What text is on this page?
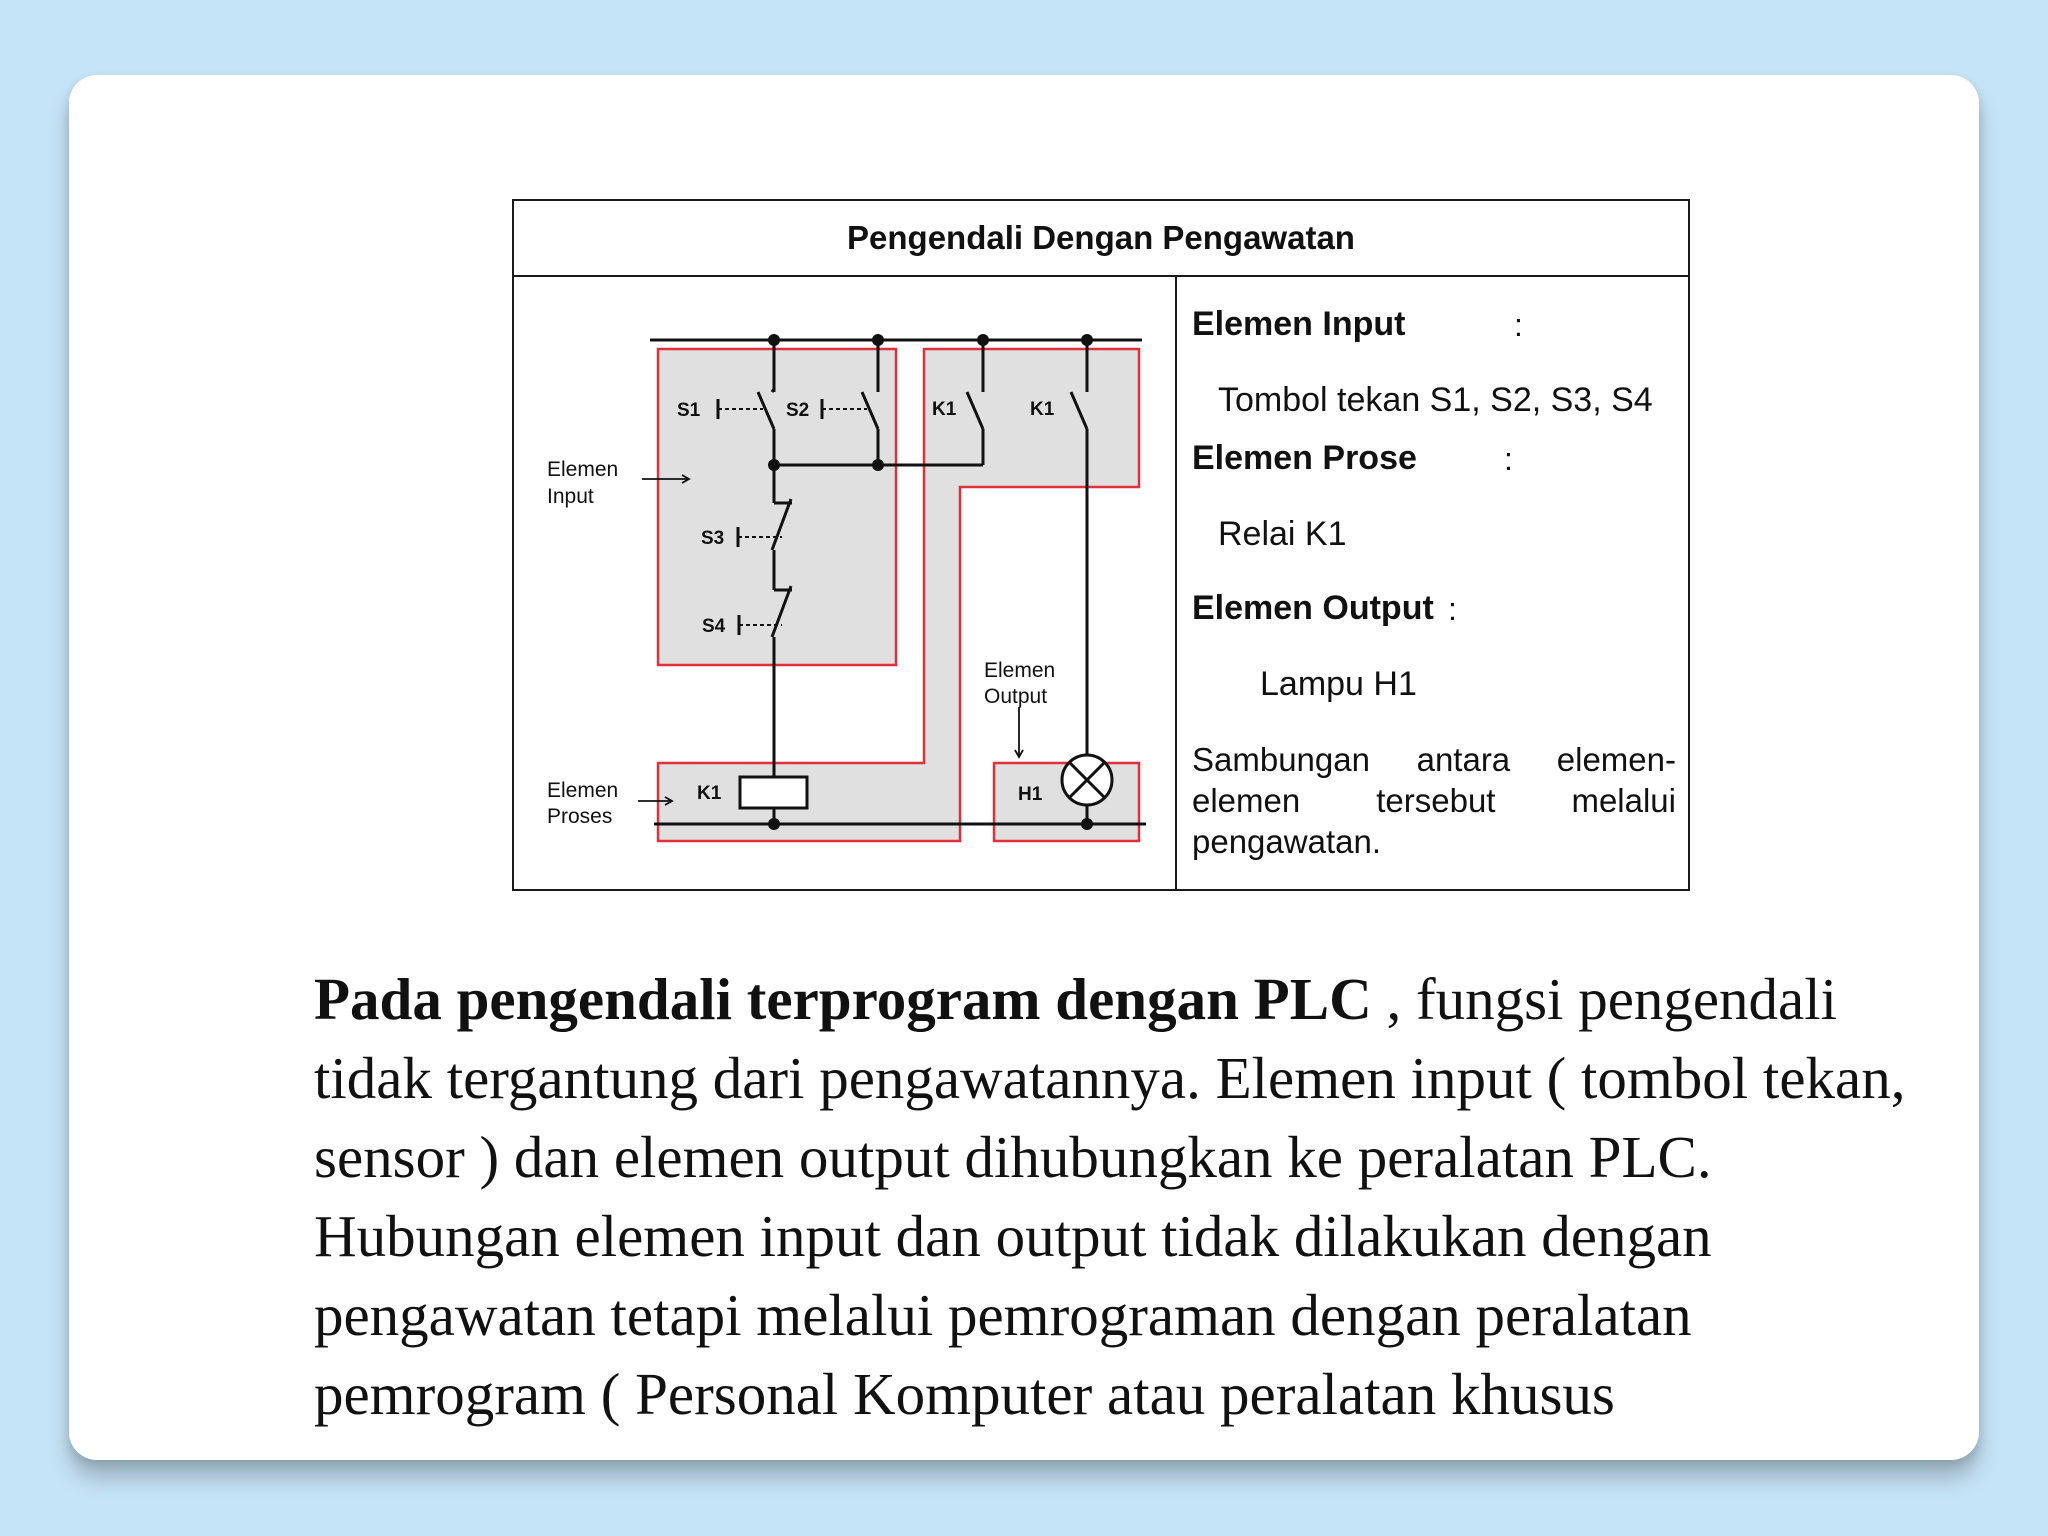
Pengendali Dengan Pengawatan
Elemen
Input
Elemen
Proses
Elemen
Output
S1	S2
S3
S4
K1	K1
K1	H1
Elemen Input	:
Tombol tekan S1, S2, S3, S4
Elemen Prose	:
Relai K1
Elemen Output :
Lampu H1
Sambungan antara elemen-elemen tersebut melalui pengawatan.

Pada pengendali terprogram dengan PLC , fungsi pengendali tidak tergantung dari pengawatannya. Elemen input ( tombol tekan, sensor ) dan elemen output dihubungkan ke peralatan PLC. Hubungan elemen input dan output tidak dilakukan dengan pengawatan tetapi melalui pemrograman dengan peralatan pemrogram ( Personal Komputer atau peralatan khusus
